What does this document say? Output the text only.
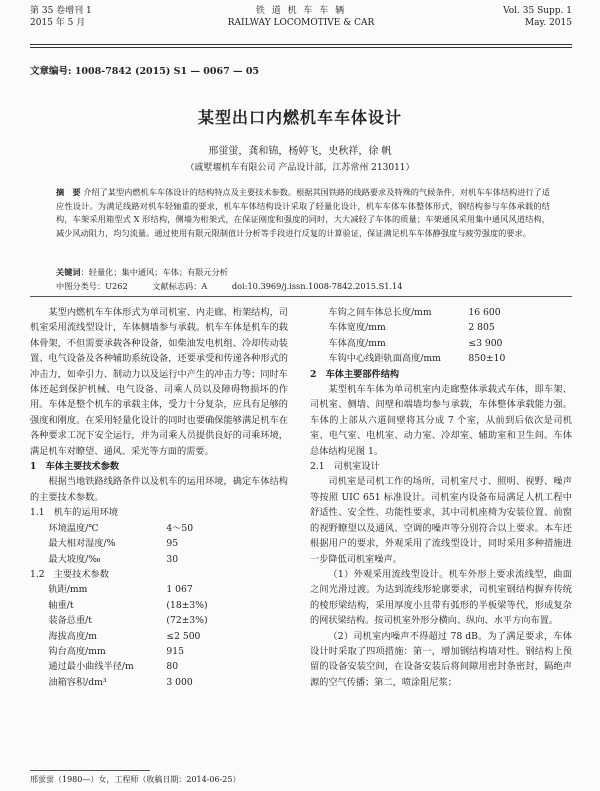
第 35 卷增刊 1
2015 年 5 月
铁 道 机 车 车 辆
RAILWAY LOCOMOTIVE & CAR
Vol. 35 Supp. 1
May. 2015
文章编号: 1008-7842 (2015) S1 — 0067 — 05
某型出口内燃机车车体设计
邢蛍蛍，龚和锦，杨婷飞，史秋祥，徐 帆
（戚墅堰机车有限公司 产品设计部，江苏常州 213011）
摘　要 介绍了某型内燃机车车体设计的结构特点及主要技术参数。根据其国铁路的线路要求及特殊的气候条件，对机车车体结构进行了适应性设计。为满足线路对机车轻轴重的要求，机车车体结构设计采取了轻量化设计，机车车体车体整体形式，钢结构参与车体承载的结构，车架采用箱型式 X 形结构，侧墙为桁架式，在保证刚度和强度的同时，大大减轻了车体的质量；车架通风采用集中通风风道结构，减少风动阻力，均匀流量。通过使用有限元限制值计分析等手段进行反复的计算验证，保证满足机车车体静强度与疲劳强度的要求。
关键词：轻量化；集中通风；车体；有限元分析
中图分类号：U262	文献标志码：A	doi:10.3969/j.issn.1008-7842.2015.S1.14

某型内燃机车车体形式为单司机室、内走廊、桁架结构，司机室采用流线型设计，车体侧墙参与承载。机车车体是机车的载体骨架，不但需要承载各种设备，如柴油发电机组、冷却传动装置、电气设备及各种辅助系统设备，还要承受和传递各种形式的冲击力，如牵引力、制动力以及运行中产生的冲击力等；同时车体还起到保护机械、电气设备、司乘人员以及障碍物损坏的作用。车体是整个机车的承载主体，受力十分复杂，应具有足够的强度和刚度。在采用轻量化设计的同时也要确保能够满足机车在各种要求工况下安全运行，并为司乘人员提供良好的司乘环境，满足机车对瞭望、通风、采光等方面的需要。

1　车体主要技术参数

根据当地铁路线路条件以及机车的运用环境，确定车体结构的主要技术参数。

1.1　机车的运用环境
环境温度/℃	4～50
最大相对湿度/%	95
最大坡度/‰	30
1.2　主要技术参数
轨距/mm	1 067
轴重/t	(18±3%)
装备总重/t	(72±3%)
海拔高度/m	≤2 500
钩台高度/mm	915
通过最小曲线半径/m	80
油箱容积/dm³	3 000
车钩之间车体总长度/mm	16 600
车体宽度/mm	2 805
车体高度/mm	≤3 900
车钩中心线距轨面高度/mm	850±10
2　车体主要部件结构

某型机车车体为单司机室内走廊整体承载式车体，即车架、司机室、侧墙、间壁和端墙均参与承载，车体整体承载能力强。车体的上部从六道间壁将其分成 7 个室，从前到后依次是司机室、电气室、电机室、动力室、冷却室、辅助室和卫生间。车体总体结构见图 1。

2.1　司机室设计

司机室是司机工作的场所，司机室尺寸、照明、视野、噪声等按照 UIC 651 标准设计。司机室内设备布局满足人机工程中舒适性、安全性、功能性要求，其中司机座椅为安装位置、前窗的视野瞭望以及通风、空调的噪声等分别符合以上要求。本车还根据用户的要求，外观采用了流线型设计，同时采用多种措施进一步降低司机室噪声。

（1）外观采用流线型设计。机车外形上要求流线型，曲面之间光滑过渡。为达到流线形轮廓要求，司机室钢结构摒弃传统的棱形梁结构，采用厚度小且带有弧形的半板梁等代，形成复杂的网状梁结构。按司机室外形分横向、纵向、水平方向布置。

（2）司机室内噪声不得超过 78 dB。为了满足要求，车体设计时采取了四项措施：第一，增加钢结构墙对性。钢结构上预留的设备安装空间，在设备安装后将间隙用密封条密封，隔绝声源的空气传播；第二，喷涂阻尼浆；

邢蛍蛍（1980—）女，工程师（收稿日期：2014-06-25）
